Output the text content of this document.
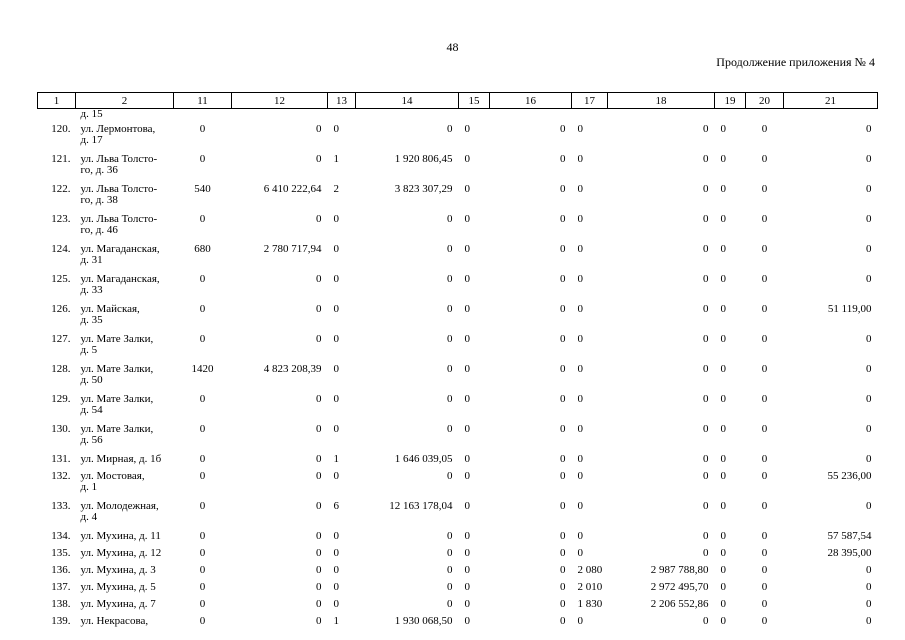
48
Продолжение приложения № 4
1	2	11	12	13	14	15	16	17	18	19	20	21
	д. 15											
120.	ул. Лермонтова,
д. 17	0	0	0	0	0	0	0	0	0	0	0
121.	ул. Льва Толсто-
го, д. 36	0	0	1	1 920 806,45	0	0	0	0	0	0	0
122.	ул. Льва Толсто-
го, д. 38	540	6 410 222,64	2	3 823 307,29	0	0	0	0	0	0	0
123.	ул. Льва Толсто-
го, д. 46	0	0	0	0	0	0	0	0	0	0	0
124.	ул. Магаданская,
д. 31	680	2 780 717,94	0	0	0	0	0	0	0	0	0
125.	ул. Магаданская,
д. 33	0	0	0	0	0	0	0	0	0	0	0
126.	ул. Майская,
д. 35	0	0	0	0	0	0	0	0	0	0	51 119,00
127.	ул. Мате Залки,
д. 5	0	0	0	0	0	0	0	0	0	0	0
128.	ул. Мате Залки,
д. 50	1420	4 823 208,39	0	0	0	0	0	0	0	0	0
129.	ул. Мате Залки,
д. 54	0	0	0	0	0	0	0	0	0	0	0
130.	ул. Мате Залки,
д. 56	0	0	0	0	0	0	0	0	0	0	0
131.	ул. Мирная, д. 1б	0	0	1	1 646 039,05	0	0	0	0	0	0	0
132.	ул. Мостовая,
д. 1	0	0	0	0	0	0	0	0	0	0	55 236,00
133.	ул. Молодежная,
д. 4	0	0	6	12 163 178,04	0	0	0	0	0	0	0
134.	ул. Мухина, д. 11	0	0	0	0	0	0	0	0	0	0	57 587,54
135.	ул. Мухина, д. 12	0	0	0	0	0	0	0	0	0	0	28 395,00
136.	ул. Мухина, д. 3	0	0	0	0	0	0	2 080	2 987 788,80	0	0	0
137.	ул. Мухина, д. 5	0	0	0	0	0	0	2 010	2 972 495,70	0	0	0
138.	ул. Мухина, д. 7	0	0	0	0	0	0	1 830	2 206 552,86	0	0	0
139.	ул. Некрасова,	0	0	1	1 930 068,50	0	0	0	0	0	0	0
